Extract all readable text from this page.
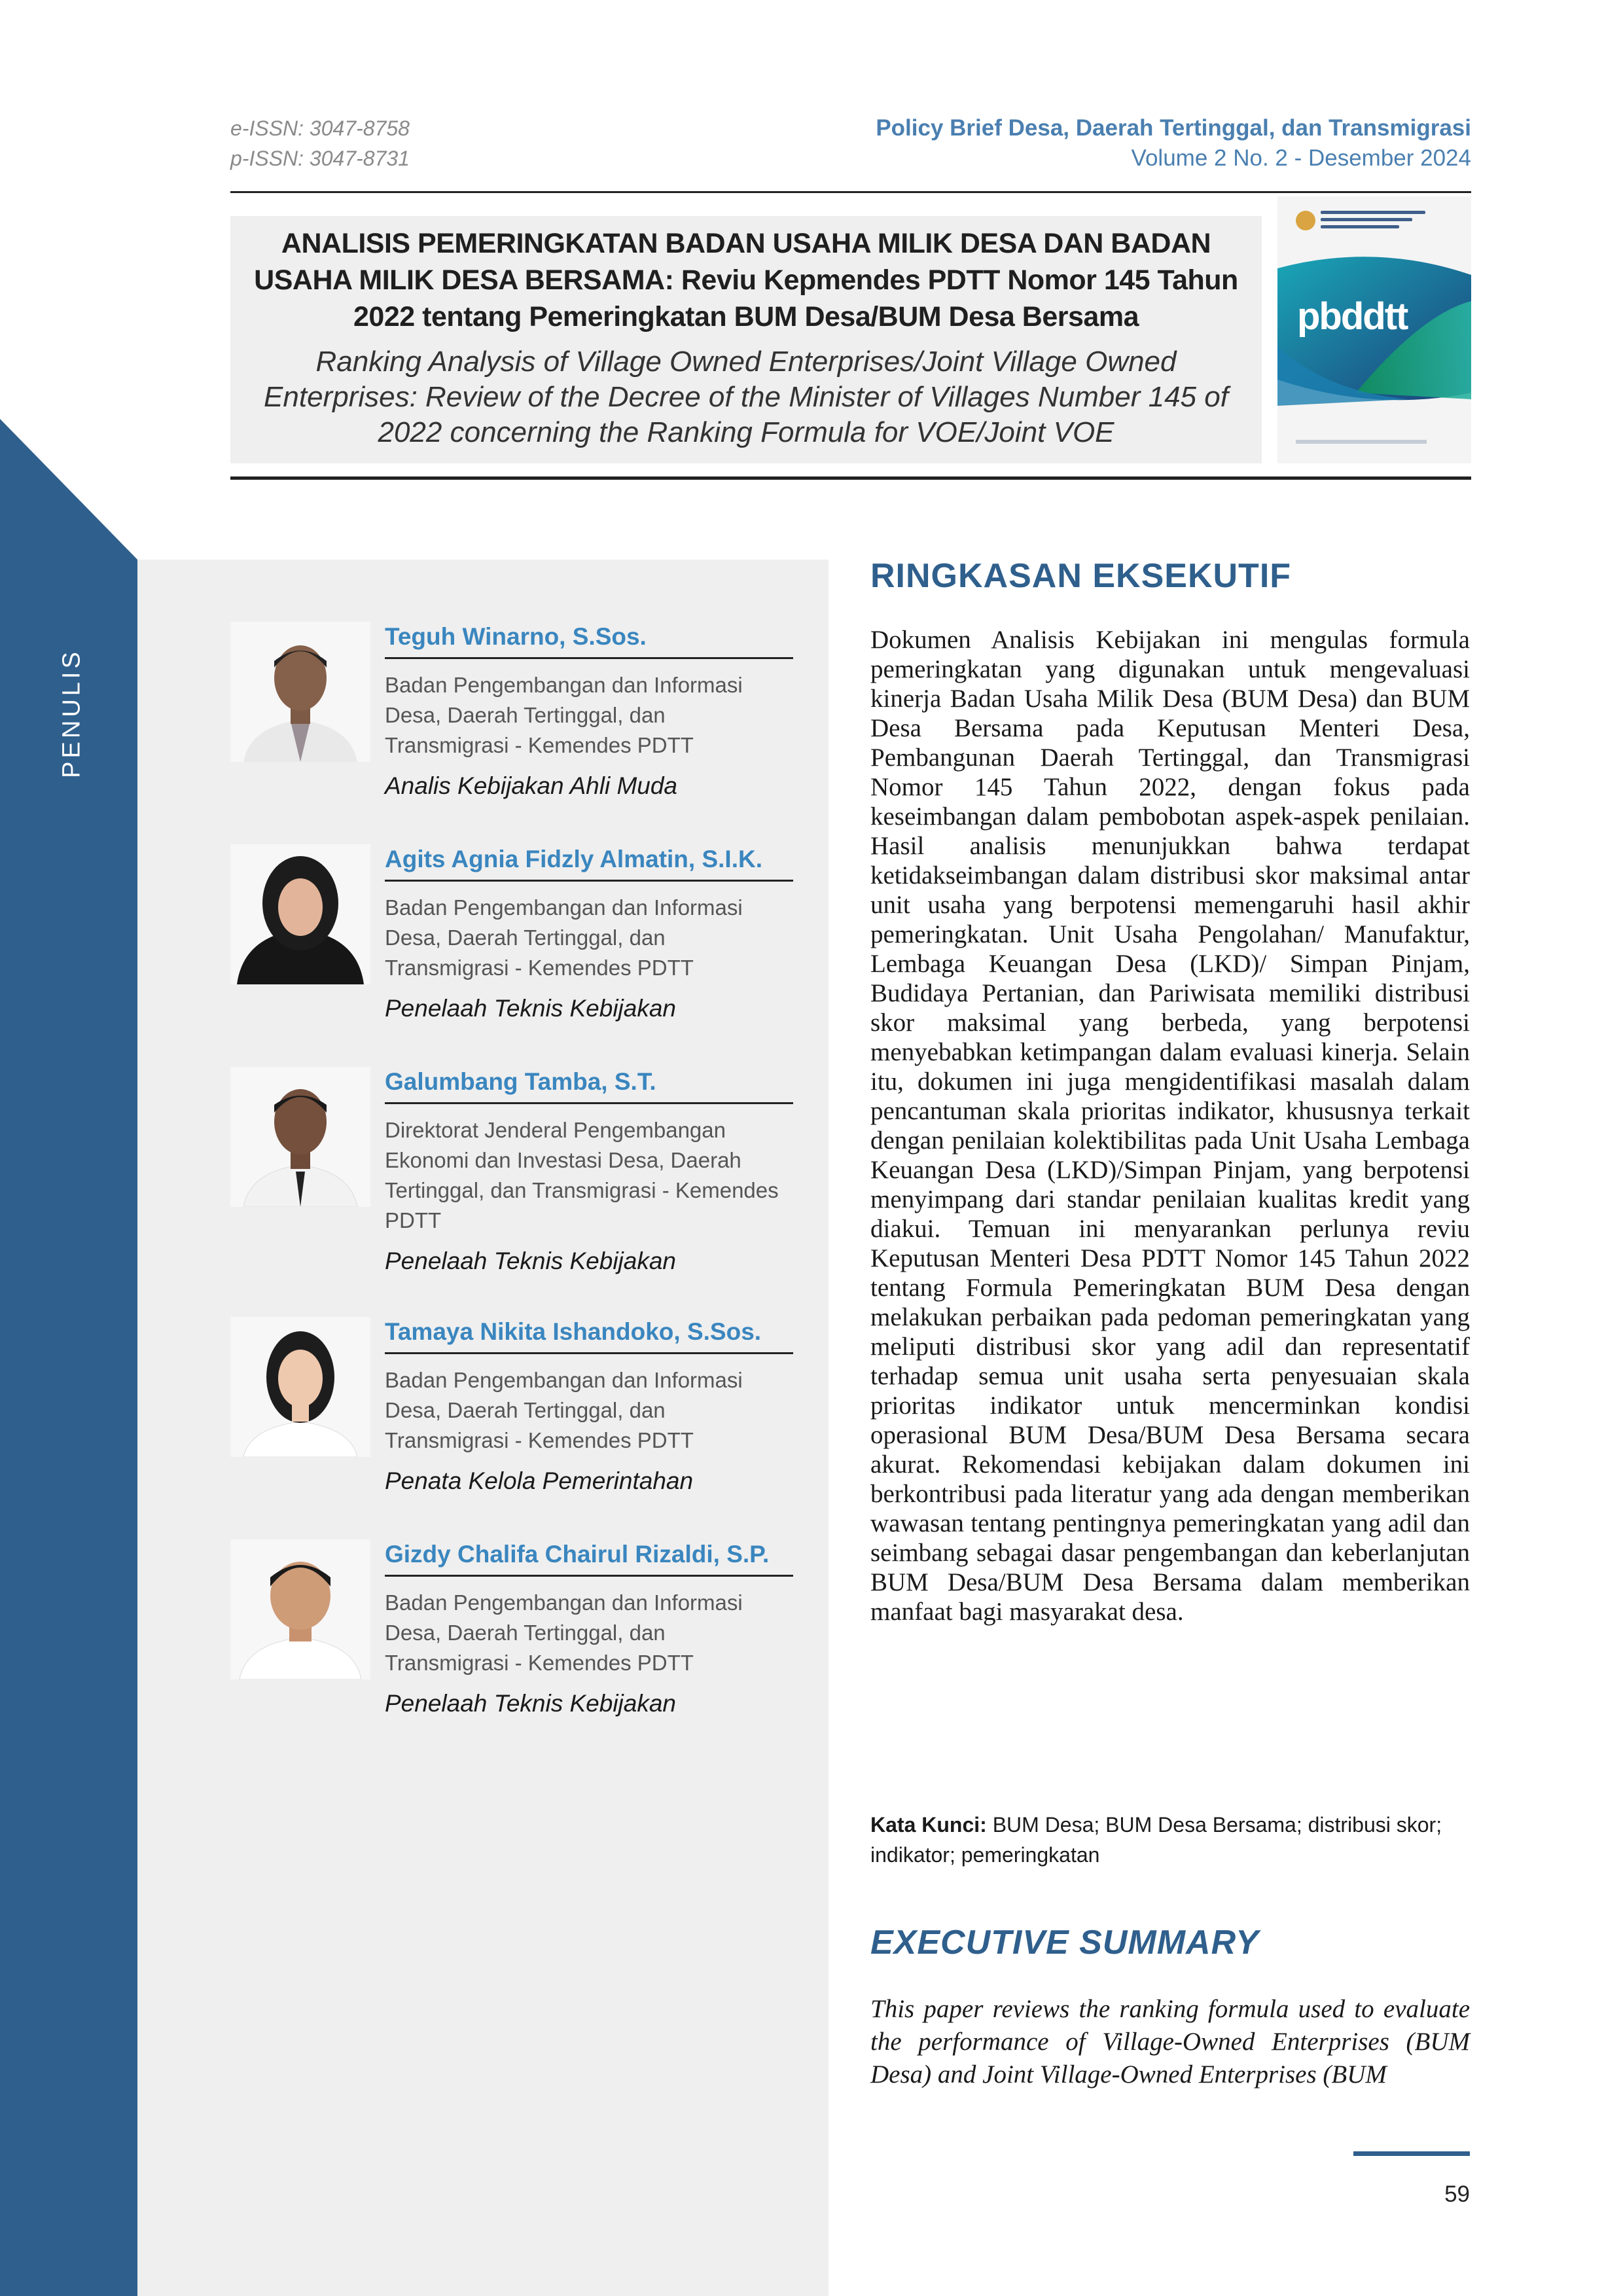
e-ISSN: 3047-8758
p-ISSN: 3047-8731
Policy Brief Desa, Daerah Tertinggal, dan Transmigrasi
Volume 2 No. 2 - Desember 2024
ANALISIS PEMERINGKATAN BADAN USAHA MILIK DESA DAN BADAN USAHA MILIK DESA BERSAMA: Reviu Kepmendes PDTT Nomor 145 Tahun 2022 tentang Pemeringkatan BUM Desa/BUM Desa Bersama
Ranking Analysis of Village Owned Enterprises/Joint Village Owned Enterprises: Review of the Decree of the Minister of Villages Number 145 of 2022 concerning the Ranking Formula for VOE/Joint VOE
pbddtt
PENULIS
Teguh Winarno, S.Sos.
Badan Pengembangan dan Informasi Desa, Daerah Tertinggal, dan Transmigrasi - Kemendes PDTT
Analis Kebijakan Ahli Muda
Agits Agnia Fidzly Almatin, S.I.K.
Badan Pengembangan dan Informasi Desa, Daerah Tertinggal, dan Transmigrasi - Kemendes PDTT
Penelaah Teknis Kebijakan
Galumbang Tamba, S.T.
Direktorat Jenderal Pengembangan Ekonomi dan Investasi Desa, Daerah Tertinggal, dan Transmigrasi - Kemendes PDTT
Penelaah Teknis Kebijakan
Tamaya Nikita Ishandoko, S.Sos.
Badan Pengembangan dan Informasi Desa, Daerah Tertinggal, dan Transmigrasi - Kemendes PDTT
Penata Kelola Pemerintahan
Gizdy Chalifa Chairul Rizaldi, S.P.
Badan Pengembangan dan Informasi Desa, Daerah Tertinggal, dan Transmigrasi - Kemendes PDTT
Penelaah Teknis Kebijakan
RINGKASAN EKSEKUTIF

Dokumen Analisis Kebijakan ini mengulas formula pemeringkatan yang digunakan untuk mengevaluasi kinerja Badan Usaha Milik Desa (BUM Desa) dan BUM Desa Bersama pada Keputusan Menteri Desa, Pembangunan Daerah Tertinggal, dan Transmigrasi Nomor 145 Tahun 2022, dengan fokus pada keseimbangan dalam pembobotan aspek-aspek penilaian. Hasil analisis menunjukkan bahwa terdapat ketidakseimbangan dalam distribusi skor maksimal antar unit usaha yang berpotensi memengaruhi hasil akhir pemeringkatan. Unit Usaha Pengolahan/ Manufaktur, Lembaga Keuangan Desa (LKD)/ Simpan Pinjam, Budidaya Pertanian, dan Pariwisata memiliki distribusi skor maksimal yang berbeda, yang berpotensi menyebabkan ketimpangan dalam evaluasi kinerja. Selain itu, dokumen ini juga mengidentifikasi masalah dalam pencantuman skala prioritas indikator, khususnya terkait dengan penilaian kolektibilitas pada Unit Usaha Lembaga Keuangan Desa (LKD)/Simpan Pinjam, yang berpotensi menyimpang dari standar penilaian kualitas kredit yang diakui. Temuan ini menyarankan perlunya reviu Keputusan Menteri Desa PDTT Nomor 145 Tahun 2022 tentang Formula Pemeringkatan BUM Desa dengan melakukan perbaikan pada pedoman pemeringkatan yang meliputi distribusi skor yang adil dan representatif terhadap semua unit usaha serta penyesuaian skala prioritas indikator untuk mencerminkan kondisi operasional BUM Desa/BUM Desa Bersama secara akurat. Rekomendasi kebijakan dalam dokumen ini berkontribusi pada literatur yang ada dengan memberikan wawasan tentang pentingnya pemeringkatan yang adil dan seimbang sebagai dasar pengembangan dan keberlanjutan BUM Desa/BUM Desa Bersama dalam memberikan manfaat bagi masyarakat desa.

Kata Kunci: BUM Desa; BUM Desa Bersama; distribusi skor; indikator; pemeringkatan
EXECUTIVE SUMMARY

This paper reviews the ranking formula used to evaluate the performance of Village-Owned Enterprises (BUM Desa) and Joint Village-Owned Enterprises (BUM

59
